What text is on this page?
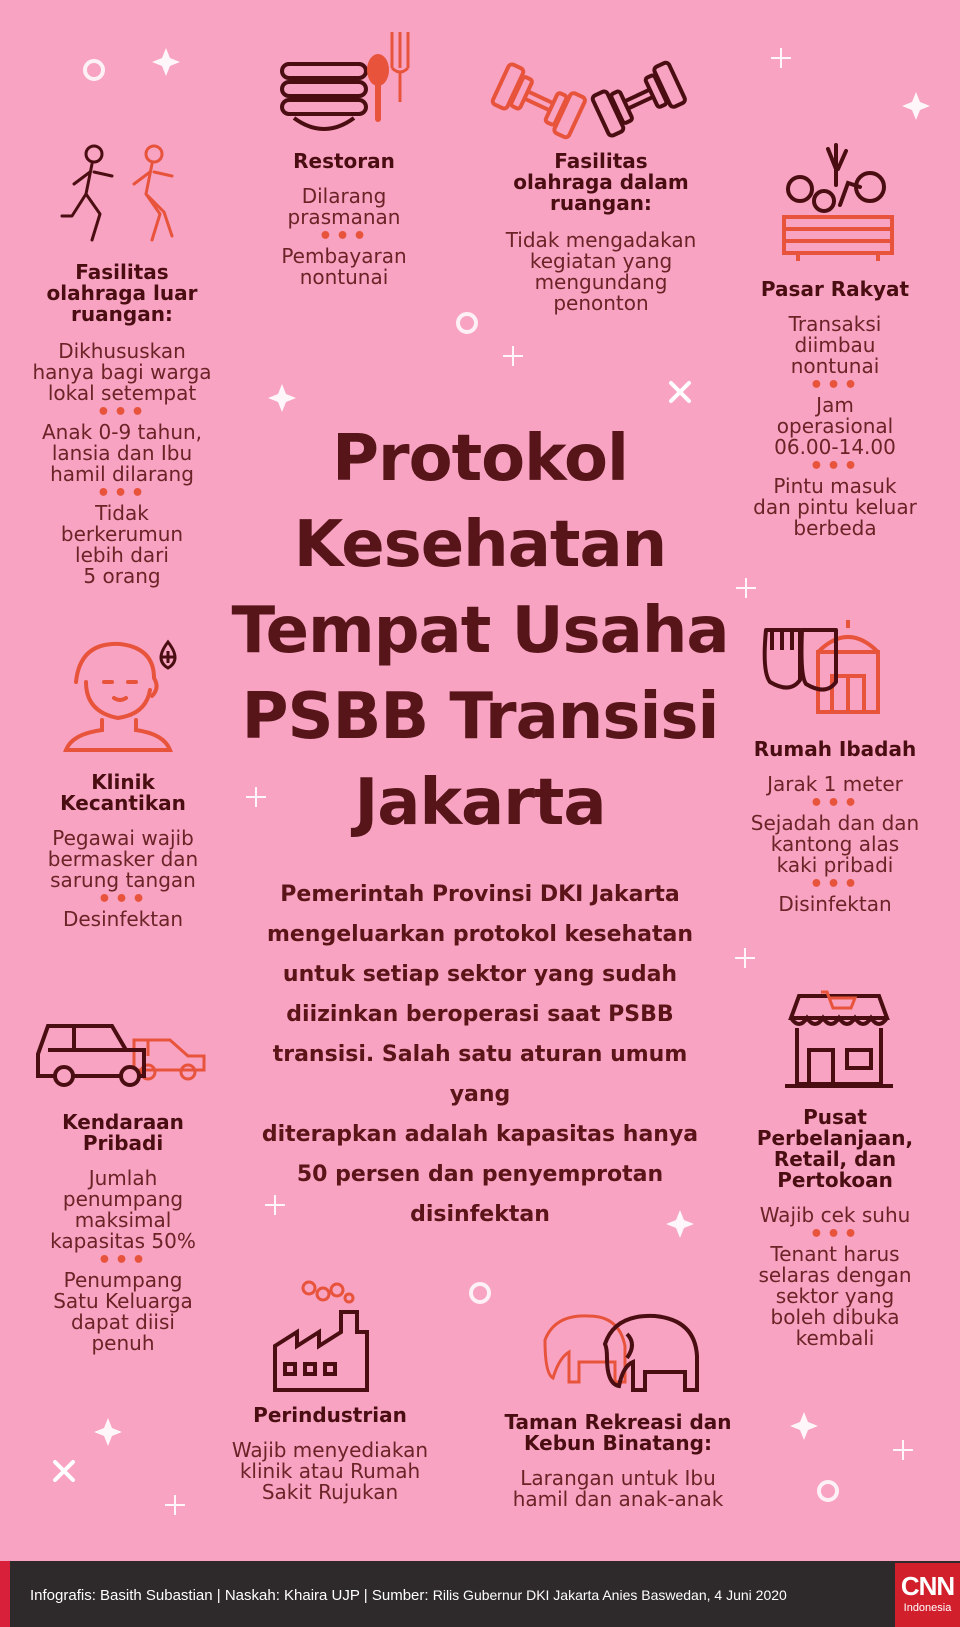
Fasilitas
olahraga luar
ruangan:
Dikhususkan
hanya bagi warga
lokal setempat
•••
Anak 0-9 tahun,
lansia dan Ibu
hamil dilarang
•••
Tidak
berkerumun
lebih dari
5 orang
Restoran
Dilarang
prasmanan
•••
Pembayaran
nontunai
Fasilitas
olahraga dalam
ruangan:
Tidak mengadakan
kegiatan yang
mengundang
penonton
Pasar Rakyat
Transaksi
diimbau
nontunai
•••
Jam
operasional
06.00-14.00
•••
Pintu masuk
dan pintu keluar
berbeda
Protokol
Kesehatan
Tempat Usaha
PSBB Transisi
Jakarta
Pemerintah Provinsi DKI Jakarta
mengeluarkan protokol kesehatan
untuk setiap sektor yang sudah
diizinkan beroperasi saat PSBB
transisi. Salah satu aturan umum yang
diterapkan adalah kapasitas hanya
50 persen dan penyemprotan
disinfektan
Rumah Ibadah
Jarak 1 meter
•••
Sejadah dan dan
kantong alas
kaki pribadi
•••
Disinfektan
Klinik
Kecantikan
Pegawai wajib
bermasker dan
sarung tangan
•••
Desinfektan
Kendaraan
Pribadi
Jumlah
penumpang
maksimal
kapasitas 50%
•••
Penumpang
Satu Keluarga
dapat diisi
penuh
Pusat
Perbelanjaan,
Retail, dan
Pertokoan
Wajib cek suhu
•••
Tenant harus
selaras dengan
sektor yang
boleh dibuka
kembali
Perindustrian
Wajib menyediakan
klinik atau Rumah
Sakit Rujukan
Taman Rekreasi dan
Kebun Binatang:
Larangan untuk Ibu
hamil dan anak-anak
Infografis: Basith Subastian | Naskah: Khaira UJP | Sumber: Rilis Gubernur DKI Jakarta Anies Baswedan, 4 Juni 2020	CNN
Indonesia
